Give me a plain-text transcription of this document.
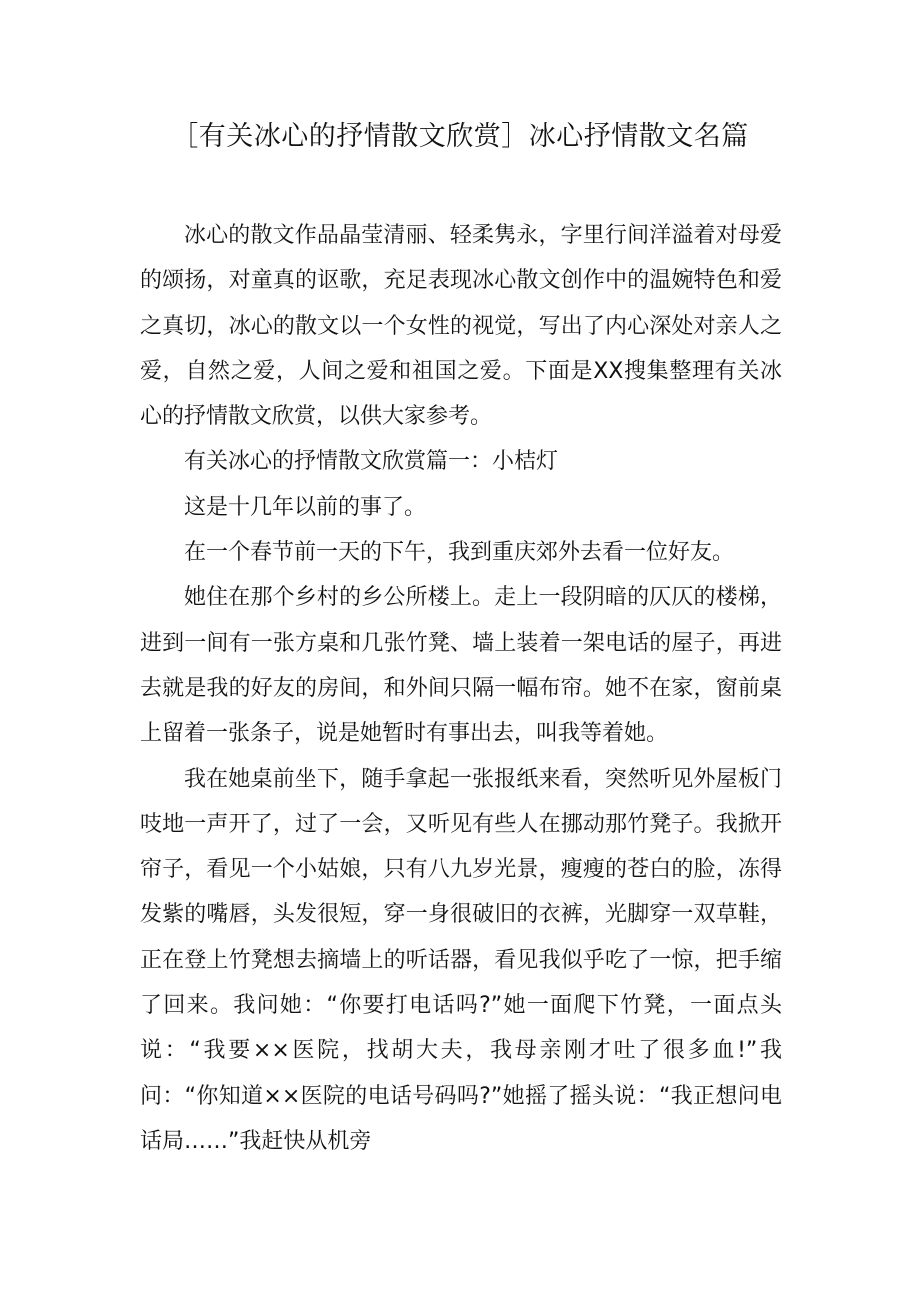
［有关冰心的抒情散文欣赏］冰心抒情散文名篇

冰心的散文作品晶莹清丽、轻柔隽永，字里行间洋溢着对母爱的颂扬，对童真的讴歌，充足表现冰心散文创作中的温婉特色和爱之真切，冰心的散文以一个女性的视觉，写出了内心深处对亲人之爱，自然之爱，人间之爱和祖国之爱。下面是XX搜集整理有关冰心的抒情散文欣赏，以供大家参考。

有关冰心的抒情散文欣赏篇一：小桔灯

这是十几年以前的事了。

在一个春节前一天的下午，我到重庆郊外去看一位好友。

她住在那个乡村的乡公所楼上。走上一段阴暗的仄仄的楼梯，进到一间有一张方桌和几张竹凳、墙上装着一架电话的屋子，再进去就是我的好友的房间，和外间只隔一幅布帘。她不在家，窗前桌上留着一张条子，说是她暂时有事出去，叫我等着她。

我在她桌前坐下，随手拿起一张报纸来看，突然听见外屋板门吱地一声开了，过了一会，又听见有些人在挪动那竹凳子。我掀开帘子，看见一个小姑娘，只有八九岁光景，瘦瘦的苍白的脸，冻得发紫的嘴唇，头发很短，穿一身很破旧的衣裤，光脚穿一双草鞋，正在登上竹凳想去摘墙上的听话器，看见我似乎吃了一惊，把手缩了回来。我问她：“你要打电话吗?”她一面爬下竹凳，一面点头说：“我要××医院，找胡大夫，我母亲刚才吐了很多血!”我问：“你知道××医院的电话号码吗?”她摇了摇头说：“我正想问电话局……”我赶快从机旁
